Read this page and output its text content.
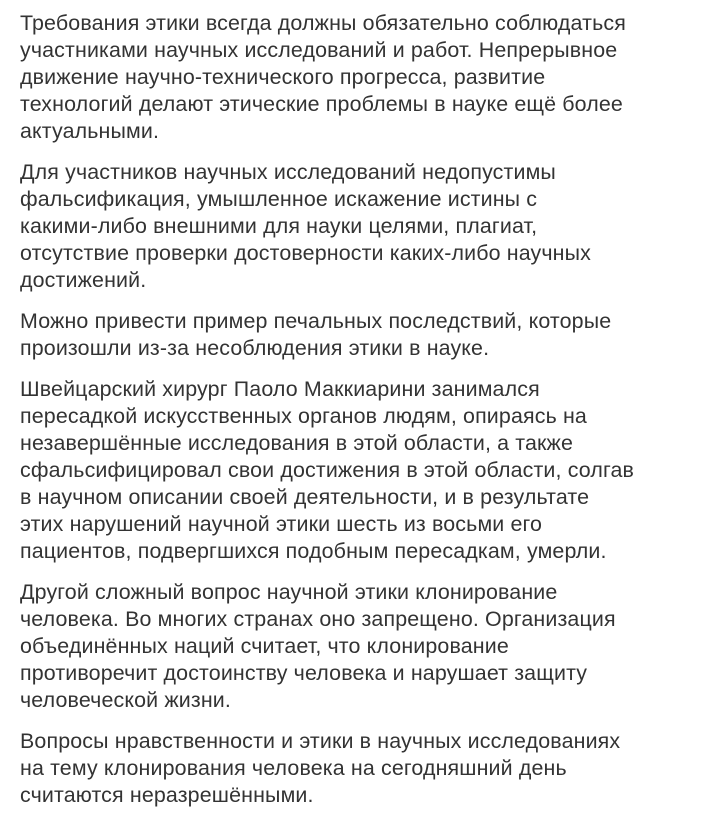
Требования этики всегда должны обязательно соблюдаться
участниками научных исследований и работ. Непрерывное
движение научно-технического прогресса, развитие
технологий делают этические проблемы в науке ещё более
актуальными.

Для участников научных исследований недопустимы
фальсификация, умышленное искажение истины с
какими-либо внешними для науки целями, плагиат,
отсутствие проверки достоверности каких-либо научных
достижений.

Можно привести пример печальных последствий, которые
произошли из-за несоблюдения этики в науке.

Швейцарский хирург Паоло Маккиарини занимался
пересадкой искусственных органов людям, опираясь на
незавершённые исследования в этой области, а также
сфальсифицировал свои достижения в этой области, солгав
в научном описании своей деятельности, и в результате
этих нарушений научной этики шесть из восьми его
пациентов, подвергшихся подобным пересадкам, умерли.

Другой сложный вопрос научной этики клонирование
человека. Во многих странах оно запрещено. Организация
объединённых наций считает, что клонирование
противоречит достоинству человека и нарушает защиту
человеческой жизни.

Вопросы нравственности и этики в научных исследованиях
на тему клонирования человека на сегодняшний день
считаются неразрешёнными.
